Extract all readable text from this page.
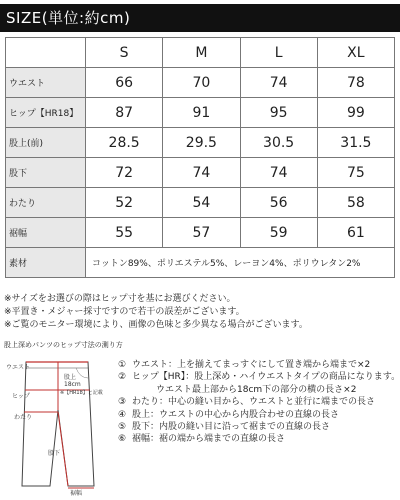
SIZE(単位:約cm)
	S	M	L	XL
ウエスト	66	70	74	78
ヒップ【HR18】	87	91	95	99
股上(前)	28.5	29.5	30.5	31.5
股下	72	74	74	75
わたり	52	54	56	58
裾幅	55	57	59	61
素材	コットン89%、ポリエステル5%、レーヨン4%、ポリウレタン2%			
※サイズをお選びの際はヒップ寸を基にお選びください。
※平置き・メジャー採寸ですので若干の誤差がございます。
※ご覧のモニター環境により、画像の色味と多少異なる場合がございます。
股上深めパンツのヒップ寸法の測り方
ウエスト
股上
18cm
※【HR18】と記載
ヒップ
わたり
股下
裾幅
① ウエスト：上を揃えてまっすぐにして置き端から端まで×2
② ヒップ【HR】：股上深め・ハイウエストタイプの商品になります。
ウエスト最上部から18cm下の部分の横の長さ×2
③ わたり：中心の縫い目から、ウエストと並行に端までの長さ
④ 股上：ウエストの中心から内股合わせの直線の長さ
⑤ 股下：内股の縫い目に沿って裾までの直線の長さ
⑥ 裾幅：裾の端から端までの直線の長さ
